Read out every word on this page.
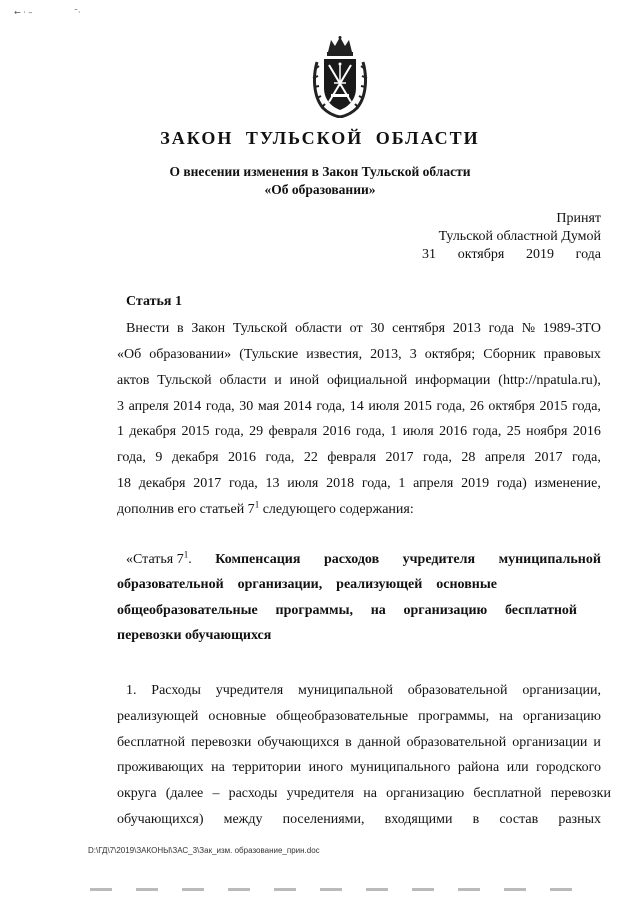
← · –	˜·
ЗАКОН ТУЛЬСКОЙ ОБЛАСТИ
О внесении изменения в Закон Тульской области
«Об образовании»
Принят
Тульской областной Думой
31 октября 2019 года
Статья 1
Внести в Закон Тульской области от 30 сентября 2013 года № 1989-ЗТО
«Об образовании» (Тульские известия, 2013, 3 октября; Сборник правовых
актов Тульской области и иной официальной информации (http://npatula.ru),
3 апреля 2014 года, 30 мая 2014 года, 14 июля 2015 года, 26 октября 2015 года,
1 декабря 2015 года, 29 февраля 2016 года, 1 июля 2016 года, 25 ноября 2016
года, 9 декабря 2016 года, 22 февраля 2017 года, 28 апреля 2017 года,
18 декабря 2017 года, 13 июля 2018 года, 1 апреля 2019 года) изменение,
дополнив его статьей $7^1$ следующего содержания:
«Статья $7^1$. Компенсация расходов учредителя муниципальной
образовательной организации, реализующей основные
общеобразовательные программы, на организацию бесплатной
перевозки обучающихся
1. Расходы учредителя муниципальной образовательной организации,
реализующей основные общеобразовательные программы, на организацию
бесплатной перевозки обучающихся в данной образовательной организации и
проживающих на территории иного муниципального района или городского
округа (далее – расходы учредителя на организацию бесплатной перевозки
обучающихся) между поселениями, входящими в состав разных
D:\ГД\7\2019\ЗАКОНЫ\ЗАС_3\Зак_изм. образование_прин.doc
